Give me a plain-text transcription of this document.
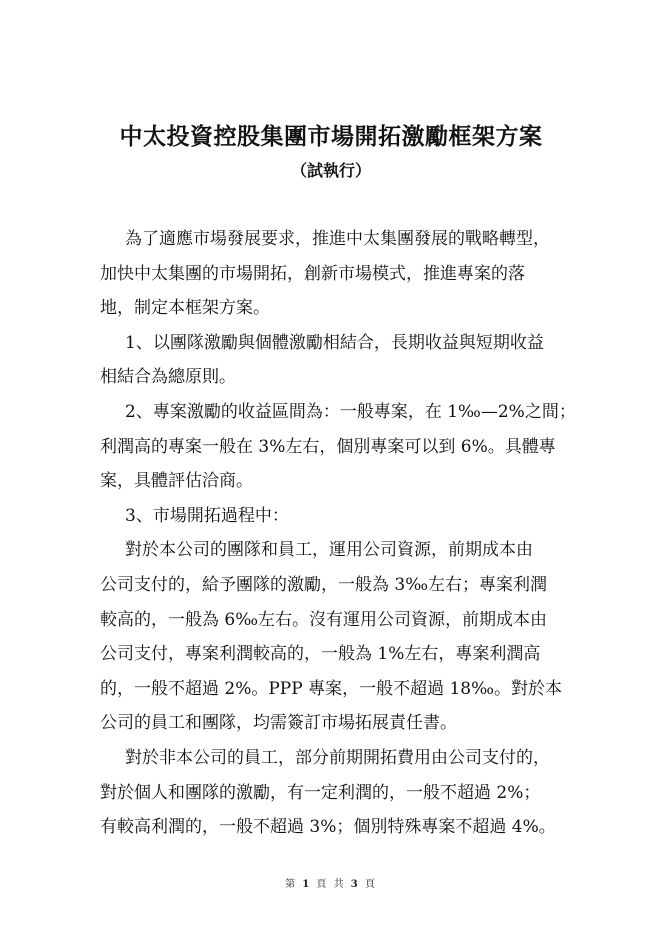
中太投資控股集團市場開拓激勵框架方案
（試執行）

為了適應市場發展要求，推進中太集團發展的戰略轉型，
加快中太集團的市場開拓，創新市場模式，推進專案的落
地，制定本框架方案。

1、以團隊激勵與個體激勵相結合，長期收益與短期收益
相結合為總原則。

2、專案激勵的收益區間為：一般專案，在 1‰—2%之間；
利潤高的專案一般在 3%左右，個別專案可以到 6%。具體專
案，具體評估洽商。

3、市場開拓過程中：

對於本公司的團隊和員工，運用公司資源，前期成本由
公司支付的，給予團隊的激勵，一般為 3‰左右；專案利潤
較高的，一般為 6‰左右。沒有運用公司資源，前期成本由
公司支付，專案利潤較高的，一般為 1%左右，專案利潤高
的，一般不超過 2%。PPP 專案，一般不超過 18‰。對於本
公司的員工和團隊，均需簽訂市場拓展責任書。

對於非本公司的員工，部分前期開拓費用由公司支付的，
對於個人和團隊的激勵，有一定利潤的，一般不超過 2%；
有較高利潤的，一般不超過 3%；個別特殊專案不超過 4%。

第 1 頁 共 3 頁
